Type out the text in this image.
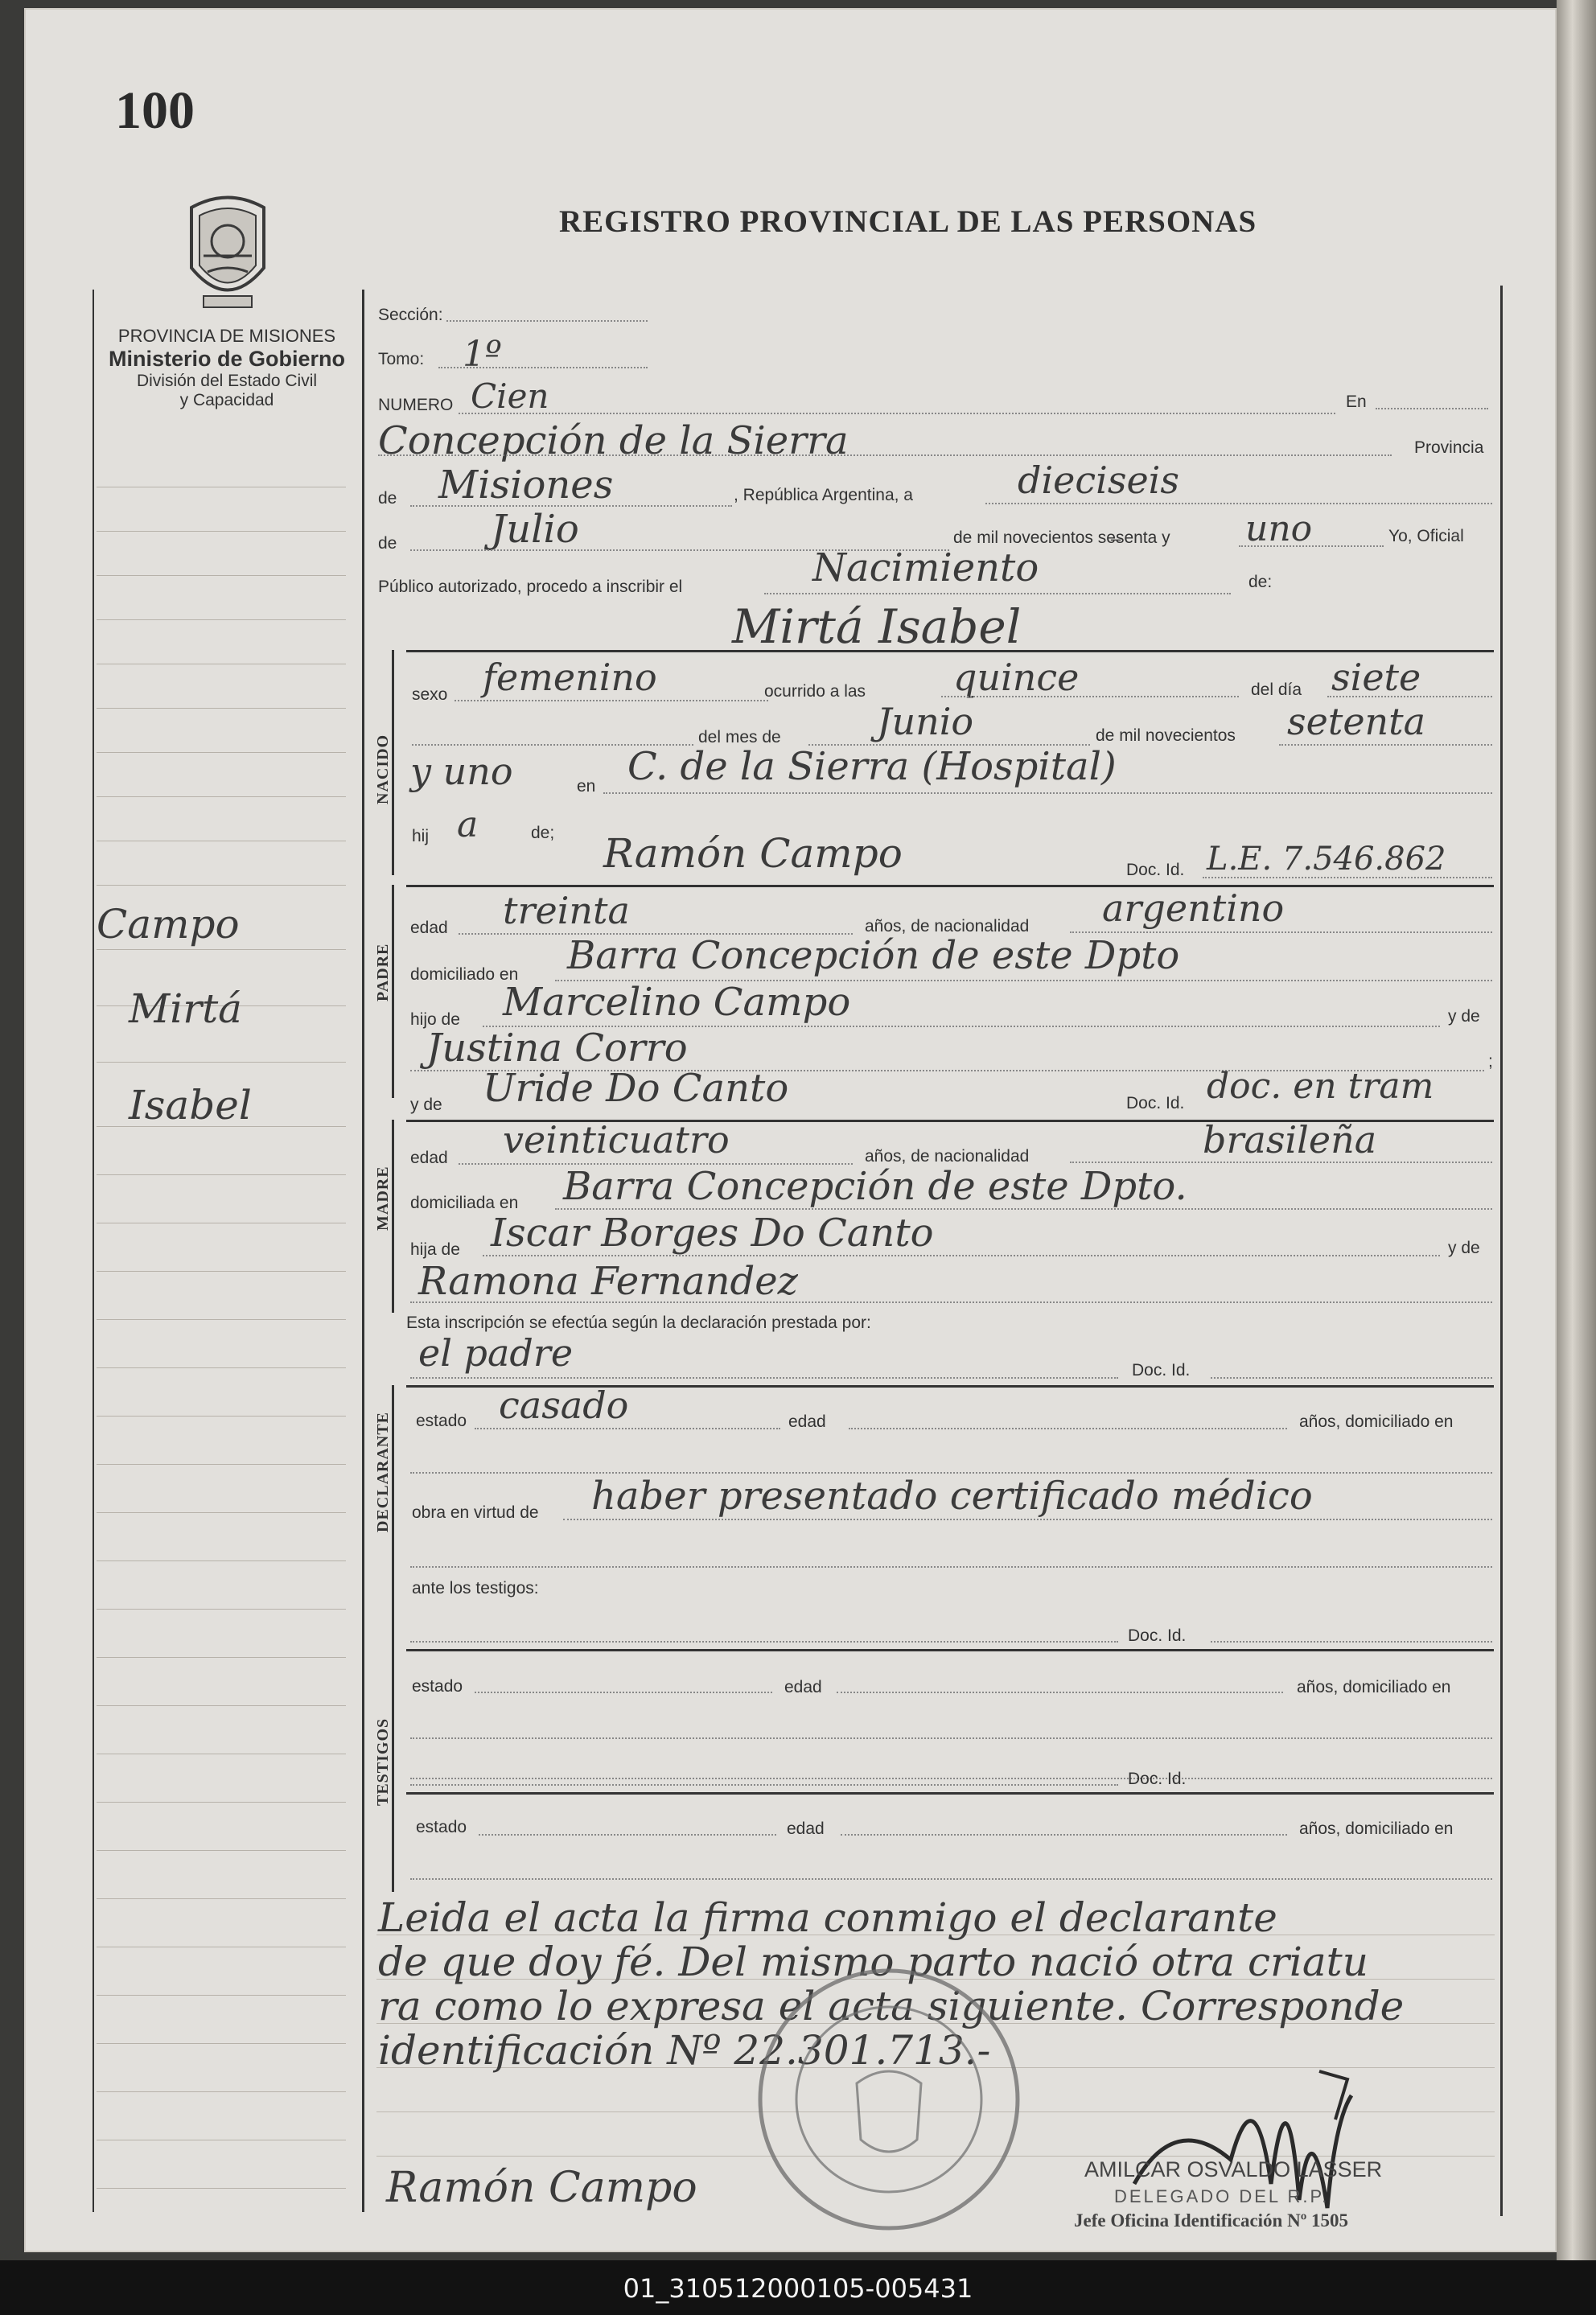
100
REGISTRO PROVINCIAL DE LAS PERSONAS
PROVINCIA DE MISIONES
Ministerio de Gobierno
División del Estado Civil
y Capacidad
Campo
Mirtá
Isabel
Sección:
Tomo: 1º
NUMERO Cien	En
Concepción de la Sierra	Provincia
de Misiones	, República Argentina, a	dieciseis
de Julio	de mil novecientos se̶senta y uno	Yo, Oficial
Público autorizado, procedo a inscribir el	Nacimiento	de:
Mirtá Isabel
NACIDO
sexo femenino	ocurrido a las quince	del día siete
del mes de	Junio	de mil novecientos setenta
y uno	en C. de la Sierra (Hospital)
hij a	de; Ramón Campo	Doc. Id. L.E. 7.546.862
PADRE
edad treinta	años, de nacionalidad argentino
domiciliado en Barra Concepción de este Dpto
hijo de Marcelino Campo	y de
Justina Corro	;
y de Uride Do Canto	Doc. Id. doc. en tram
MADRE
edad veinticuatro	años, de nacionalidad	brasileña
domiciliada en Barra Concepción de este Dpto.
hija de Iscar Borges Do Canto	y de
Ramona Fernandez
Esta inscripción se efectúa según la declaración prestada por:
el padre	Doc. Id.
DECLARANTE estado casado	edad	años, domiciliado en
obra en virtud de haber presentado certificado médico
ante los testigos:
TESTIGOS
Doc. Id.
estado	edad	años, domiciliado en
Doc. Id.
estado	edad	años, domiciliado en
Leida el acta la firma conmigo el declarante
de que doy fé. Del mismo parto nació otra criatu
ra como lo expresa el acta siguiente. Corresponde
identificación Nº 22.301.713.-
Ramón Campo	AMILCAR OSVALDO LASSER
DELEGADO DEL R.P.
Jefe Oficina Identificación Nº 1505
01_310512000105-005431
